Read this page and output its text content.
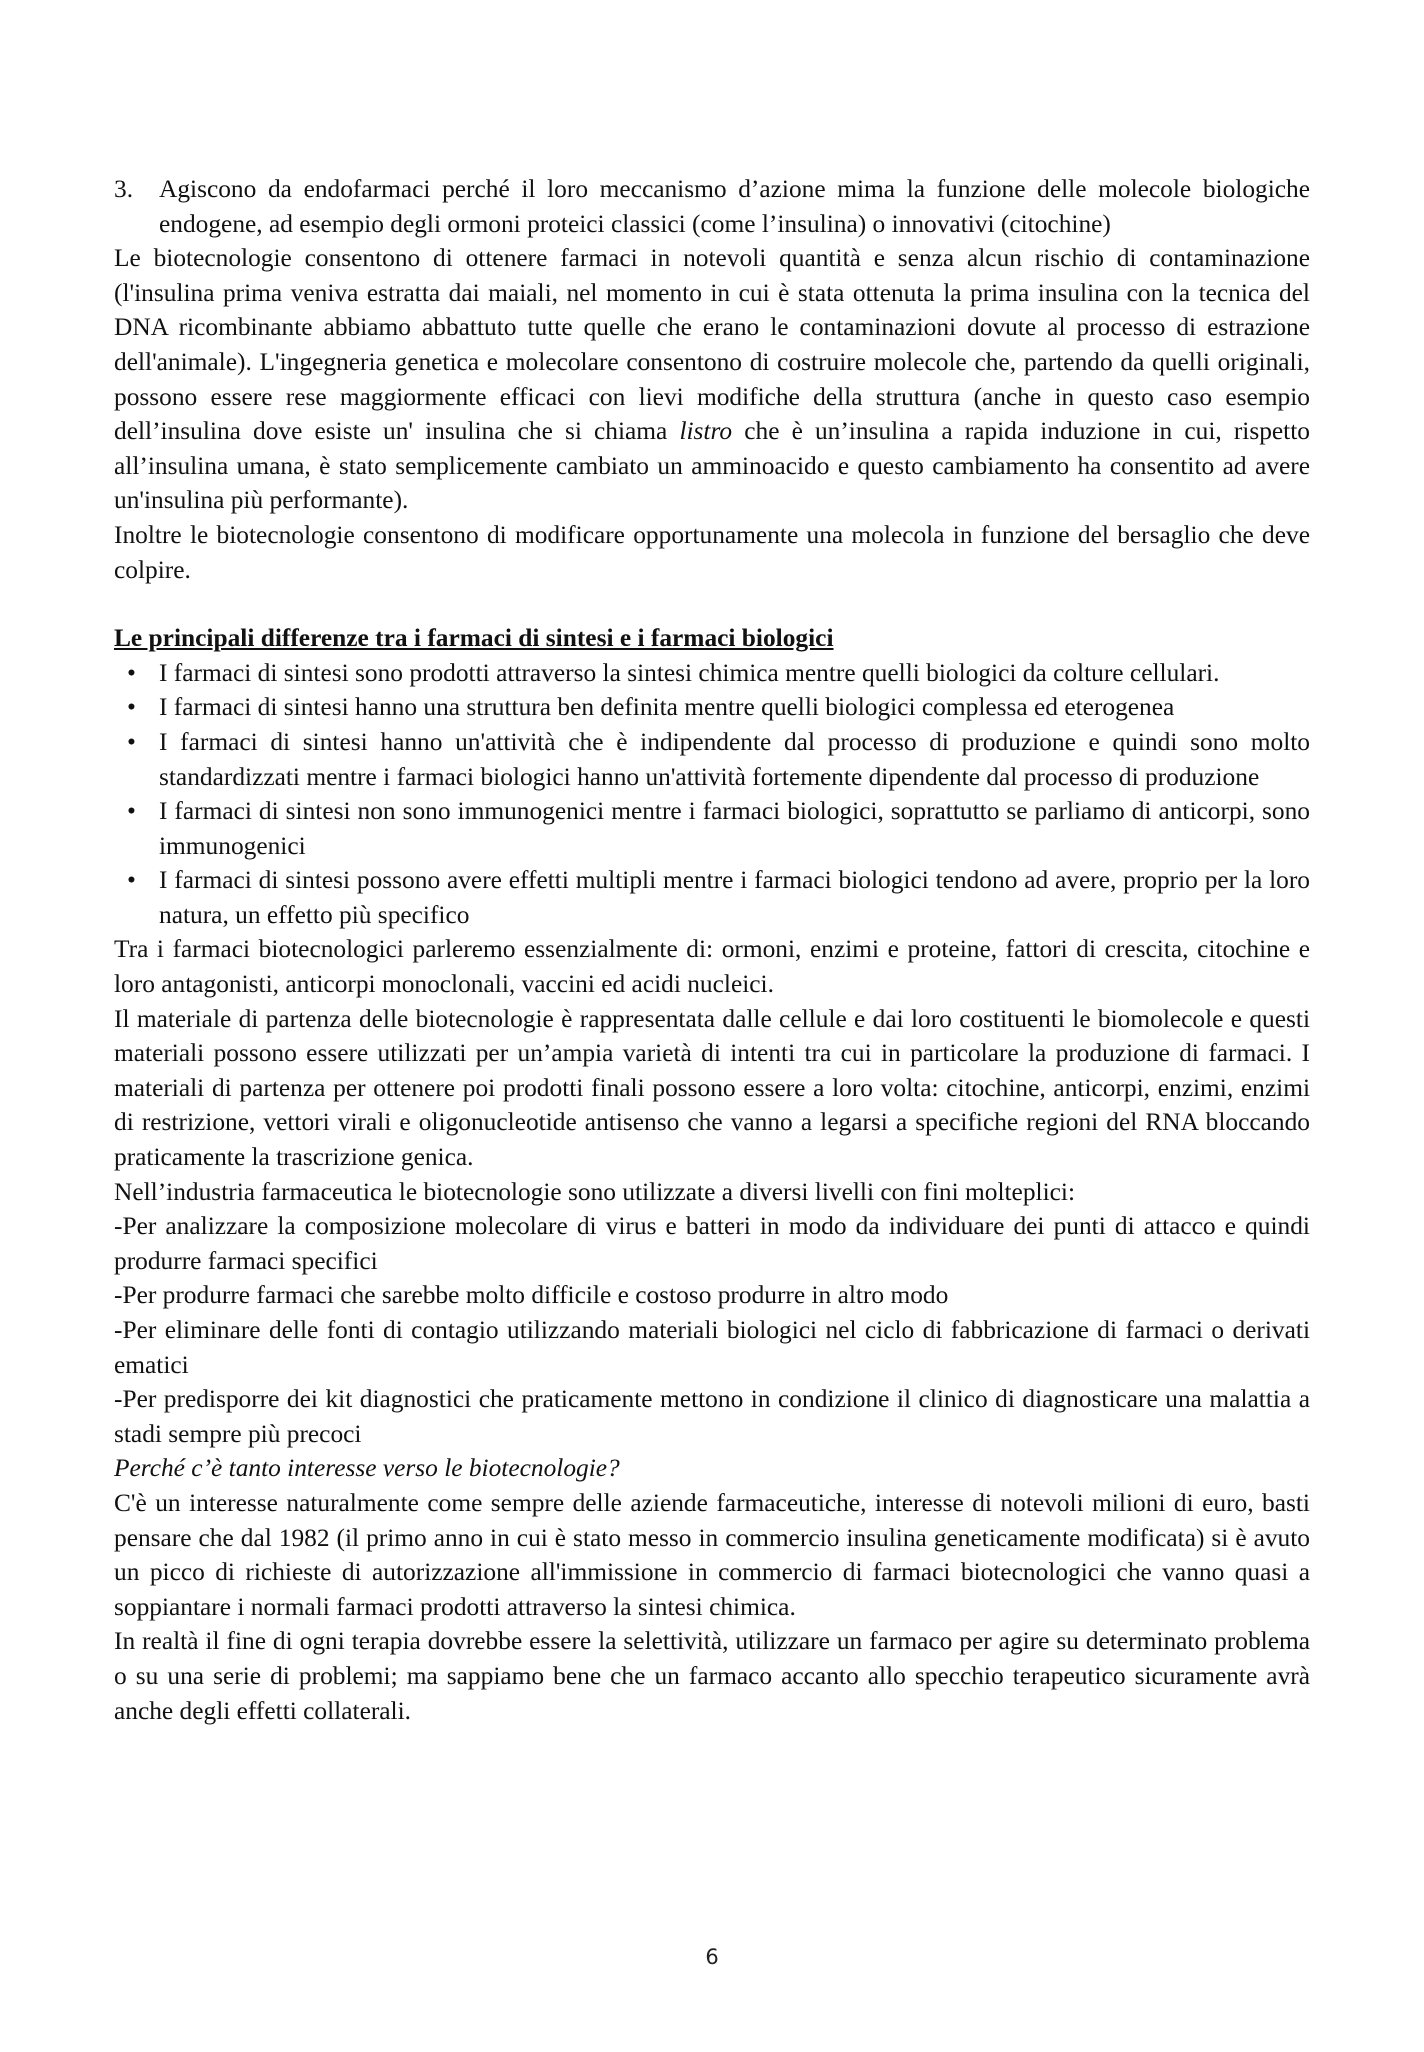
3.	Agiscono da endofarmaci perché il loro meccanismo d’azione mima la funzione delle molecole biologiche endogene, ad esempio degli ormoni proteici classici (come l’insulina) o innovativi (citochine)

Le biotecnologie consentono di ottenere farmaci in notevoli quantità e senza alcun rischio di contaminazione (l'insulina prima veniva estratta dai maiali, nel momento in cui è stata ottenuta la prima insulina con la tecnica del DNA ricombinante abbiamo abbattuto tutte quelle che erano le contaminazioni dovute al processo di estrazione dell'animale). L'ingegneria genetica e molecolare consentono di costruire molecole che, partendo da quelli originali, possono essere rese maggiormente efficaci con lievi modifiche della struttura (anche in questo caso esempio dell’insulina dove esiste un' insulina che si chiama listro che è un’insulina a rapida induzione in cui, rispetto all’insulina umana, è stato semplicemente cambiato un amminoacido e questo cambiamento ha consentito ad avere un'insulina più performante).

Inoltre le biotecnologie consentono di modificare opportunamente una molecola in funzione del bersaglio che deve colpire.

Le principali differenze tra i farmaci di sintesi e i farmaci biologici

• I farmaci di sintesi sono prodotti attraverso la sintesi chimica mentre quelli biologici da colture cellulari.
• I farmaci di sintesi hanno una struttura ben definita mentre quelli biologici complessa ed eterogenea
• I farmaci di sintesi hanno un'attività che è indipendente dal processo di produzione e quindi sono molto standardizzati mentre i farmaci biologici hanno un'attività fortemente dipendente dal processo di produzione
• I farmaci di sintesi non sono immunogenici mentre i farmaci biologici, soprattutto se parliamo di anticorpi, sono immunogenici
• I farmaci di sintesi possono avere effetti multipli mentre i farmaci biologici tendono ad avere, proprio per la loro natura, un effetto più specifico

Tra i farmaci biotecnologici parleremo essenzialmente di: ormoni, enzimi e proteine, fattori di crescita, citochine e loro antagonisti, anticorpi monoclonali, vaccini ed acidi nucleici.

Il materiale di partenza delle biotecnologie è rappresentata dalle cellule e dai loro costituenti le biomolecole e questi materiali possono essere utilizzati per un’ampia varietà di intenti tra cui in particolare la produzione di farmaci. I materiali di partenza per ottenere poi prodotti finali possono essere a loro volta: citochine, anticorpi, enzimi, enzimi di restrizione, vettori virali e oligonucleotide antisenso che vanno a legarsi a specifiche regioni del RNA bloccando praticamente la trascrizione genica.

Nell’industria farmaceutica le biotecnologie sono utilizzate a diversi livelli con fini molteplici:

-Per analizzare la composizione molecolare di virus e batteri in modo da individuare dei punti di attacco e quindi produrre farmaci specifici

-Per produrre farmaci che sarebbe molto difficile e costoso produrre in altro modo

-Per eliminare delle fonti di contagio utilizzando materiali biologici nel ciclo di fabbricazione di farmaci o derivati ematici

-Per predisporre dei kit diagnostici che praticamente mettono in condizione il clinico di diagnosticare una malattia a stadi sempre più precoci

Perché c’è tanto interesse verso le biotecnologie?

C'è un interesse naturalmente come sempre delle aziende farmaceutiche, interesse di notevoli milioni di euro, basti pensare che dal 1982 (il primo anno in cui è stato messo in commercio insulina geneticamente modificata) si è avuto un picco di richieste di autorizzazione all'immissione in commercio di farmaci biotecnologici che vanno quasi a soppiantare i normali farmaci prodotti attraverso la sintesi chimica.

In realtà il fine di ogni terapia dovrebbe essere la selettività, utilizzare un farmaco per agire su determinato problema o su una serie di problemi; ma sappiamo bene che un farmaco accanto allo specchio terapeutico sicuramente avrà anche degli effetti collaterali.

6
